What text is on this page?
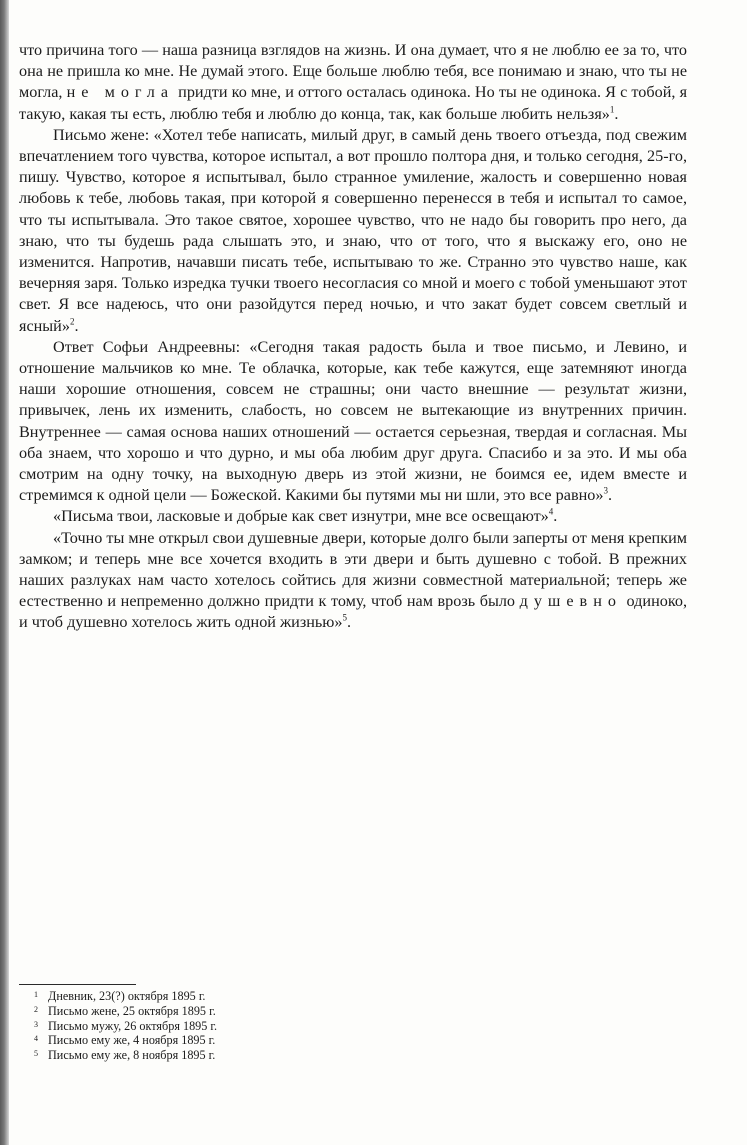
что причина того — наша разница взглядов на жизнь. И она думает, что я не люблю ее за то, что она не пришла ко мне. Не думай этого. Еще больше люблю тебя, все понимаю и знаю, что ты не могла, не могла придти ко мне, и оттого осталась одинока. Но ты не одинока. Я с тобой, я такую, какая ты есть, люблю тебя и люблю до конца, так, как больше любить нельзя»$^1$.

Письмо жене: «Хотел тебе написать, милый друг, в самый день твоего отъезда, под свежим впечатлением того чувства, которое испытал, а вот прошло полтора дня, и только сегодня, 25-го, пишу. Чувство, которое я испытывал, было странное умиление, жалость и совершенно новая любовь к тебе, любовь такая, при которой я совершенно перенесся в тебя и испытал то самое, что ты испытывала. Это такое святое, хорошее чувство, что не надо бы говорить про него, да знаю, что ты будешь рада слышать это, и знаю, что от того, что я выскажу его, оно не изменится. Напротив, начавши писать тебе, испытываю то же. Странно это чувство наше, как вечерняя заря. Только изредка тучки твоего несогласия со мной и моего с тобой уменьшают этот свет. Я все надеюсь, что они разойдутся перед ночью, и что закат будет совсем светлый и ясный»$^2$.

Ответ Софьи Андреевны: «Сегодня такая радость была и твое письмо, и Левино, и отношение мальчиков ко мне. Те облачка, которые, как тебе кажутся, еще затемняют иногда наши хорошие отношения, совсем не страшны; они часто внешние — результат жизни, привычек, лень их изменить, слабость, но совсем не вытекающие из внутренних причин. Внутреннее — самая основа наших отношений — остается серьезная, твердая и согласная. Мы оба знаем, что хорошо и что дурно, и мы оба любим друг друга. Спасибо и за это. И мы оба смотрим на одну точку, на выходную дверь из этой жизни, не боимся ее, идем вместе и стремимся к одной цели — Божеской. Какими бы путями мы ни шли, это все равно»$^3$.

«Письма твои, ласковые и добрые как свет изнутри, мне все освещают»$^4$.

«Точно ты мне открыл свои душевные двери, которые долго были заперты от меня крепким замком; и теперь мне все хочется входить в эти двери и быть душевно с тобой. В прежних наших разлуках нам часто хотелось сойтись для жизни совместной материальной; теперь же естественно и непременно должно придти к тому, чтоб нам врозь было душевно одиноко, и чтоб душевно хотелось жить одной жизнью»$^5$.

1 Дневник, 23(?) октября 1895 г.
2 Письмо жене, 25 октября 1895 г.
3 Письмо мужу, 26 октября 1895 г.
4 Письмо ему же, 4 ноября 1895 г.
5 Письмо ему же, 8 ноября 1895 г.
